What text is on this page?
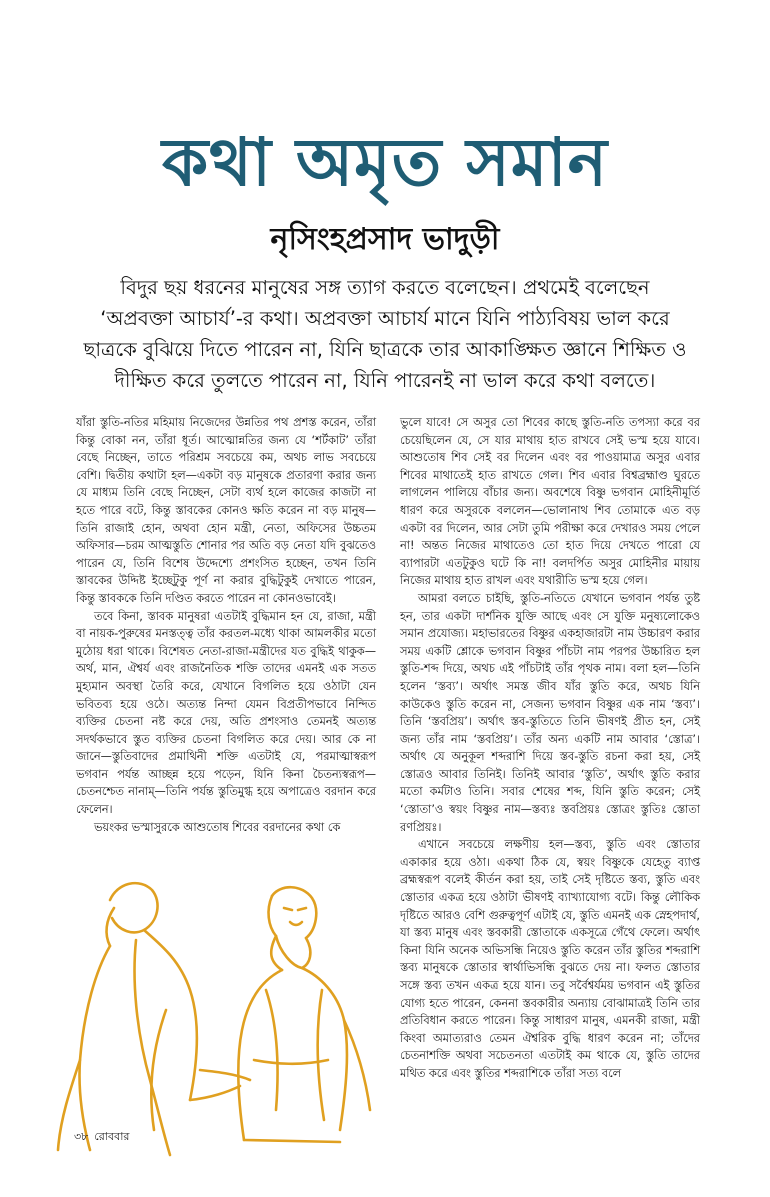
কথা অমৃত সমান
নৃসিংহপ্রসাদ ভাদুড়ী

বিদুর ছয় ধরনের মানুষের সঙ্গ ত্যাগ করতে বলেছেন। প্রথমেই বলেছেন

‘অপ্রবক্তা আচার্য’-র কথা। অপ্রবক্তা আচার্য মানে যিনি পাঠ্যবিষয় ভাল করে

ছাত্রকে বুঝিয়ে দিতে পারেন না, যিনি ছাত্রকে তার আকাঙ্ক্ষিত জ্ঞানে শিক্ষিত ও

দীক্ষিত করে তুলতে পারেন না, যিনি পারেনই না ভাল করে কথা বলতে।

যাঁরা স্তুতি-নতির মহিমায় নিজেদের উন্নতির পথ প্রশস্ত করেন, তাঁরা কিন্তু বোকা নন, তাঁরা ধূর্ত। আত্মোন্নতির জন্য যে ‘শর্টকাট’ তাঁরা বেছে নিচ্ছেন, তাতে পরিশ্রম সবচেয়ে কম, অথচ লাভ সবচেয়ে বেশি। দ্বিতীয় কথাটা হল—একটা বড় মানুষকে প্রতারণা করার জন্য যে মাধ্যম তিনি বেছে নিচ্ছেন, সেটা ব্যর্থ হলে কাজের কাজটা না হতে পারে বটে, কিন্তু স্তাবকের কোনও ক্ষতি করেন না বড় মানুষ—তিনি রাজাই হোন, অথবা হোন মন্ত্রী, নেতা, অফিসের উচ্চতম অফিসার—চরম আত্মস্তুতি শোনার পর অতি বড় নেতা যদি বুঝতেও পারেন যে, তিনি বিশেষ উদ্দেশ্যে প্রশংসিত হচ্ছেন, তখন তিনি স্তাবকের উদ্দিষ্ট ইচ্ছেটুকু পূর্ণ না করার বুদ্ধিটুকুই দেখাতে পারেন, কিন্তু স্তাবককে তিনি দণ্ডিত করতে পারেন না কোনওভাবেই।

তবে কিনা, স্তাবক মানুষরা এতটাই বুদ্ধিমান হন যে, রাজা, মন্ত্রী বা নায়ক-পুরুষের মনস্তত্ত্ব তাঁর করতল-মধ্যে থাকা আমলকীর মতো মুঠোয় ধরা থাকে। বিশেষত নেতা-রাজা-মন্ত্রীদের যত বুদ্ধিই থাকুক—অর্থ, মান, ঐশ্বর্য এবং রাজনৈতিক শক্তি তাদের এমনই এক সতত মুহ্যমান অবস্থা তৈরি করে, যেখানে বিগলিত হয়ে ওঠাটা যেন ভবিতব্য হয়ে ওঠে। অত্যন্ত নিন্দা যেমন বিপ্রতীপভাবে নিন্দিত ব্যক্তির চেতনা নষ্ট করে দেয়, অতি প্রশংসাও তেমনই অত্যন্ত সদর্থকভাবে স্তুত ব্যক্তির চেতনা বিগলিত করে দেয়। আর কে না জানে—স্তুতিবাদের প্রমাথিনী শক্তি এতটাই যে, পরমাত্মাস্বরূপ ভগবান পর্যন্ত আচ্ছন্ন হয়ে পড়েন, যিনি কিনা চৈতন্যস্বরূপ—চেতনশ্চেত নানাম্—তিনি পর্যন্ত স্তুতিমুগ্ধ হয়ে অপাত্রেও বরদান করে ফেলেন।

ভয়ংকর ভস্মাসুরকে আশুতোষ শিবের বরদানের কথা কে

ভুলে যাবে! সে অসুর তো শিবের কাছে স্তুতি-নতি তপস্যা করে বর চেয়েছিলেন যে, সে যার মাথায় হাত রাখবে সেই ভস্ম হয়ে যাবে। আশুতোষ শিব সেই বর দিলেন এবং বর পাওয়ামাত্র অসুর এবার শিবের মাথাতেই হাত রাখতে গেল। শিব এবার বিশ্বব্রহ্মাণ্ড ঘুরতে লাগলেন পালিয়ে বাঁচার জন্য। অবশেষে বিষ্ণু ভগবান মোহিনীমূর্তি ধারণ করে অসুরকে বললেন—ভোলানাথ শিব তোমাকে এত বড় একটা বর দিলেন, আর সেটা তুমি পরীক্ষা করে দেখারও সময় পেলে না! অন্তত নিজের মাথাতেও তো হাত দিয়ে দেখতে পারো যে ব্যাপারটা এতটুকুও ঘটে কি না! বলদর্পিত অসুর মোহিনীর মায়ায় নিজের মাথায় হাত রাখল এবং যথারীতি ভস্ম হয়ে গেল।

আমরা বলতে চাইছি, স্তুতি-নতিতে যেখানে ভগবান পর্যন্ত তুষ্ট হন, তার একটা দার্শনিক যুক্তি আছে এবং সে যুক্তি মনুষ্যলোকেও সমান প্রযোজ্য। মহাভারতের বিষ্ণুর একহাজারটা নাম উচ্চারণ করার সময় একটি শ্লোকে ভগবান বিষ্ণুর পাঁচটা নাম পরপর উচ্চারিত হল স্তুতি-শব্দ দিয়ে, অথচ এই পাঁচটাই তাঁর পৃথক নাম। বলা হল—তিনি হলেন ‘স্তব্য’। অর্থাৎ সমস্ত জীব যাঁর স্তুতি করে, অথচ যিনি কাউকেও স্তুতি করেন না, সেজন্য ভগবান বিষ্ণুর এক নাম ‘স্তব্য’। তিনি ‘স্তবপ্রিয়’। অর্থাৎ স্তব-স্তুতিতে তিনি ভীষণই প্রীত হন, সেই জন্য তাঁর নাম ‘স্তবপ্রিয়’। তাঁর অন্য একটি নাম আবার ‘স্তোত্র’। অর্থাৎ যে অনুকূল শব্দরাশি দিয়ে স্তব-স্তুতি রচনা করা হয়, সেই স্তোত্রও আবার তিনিই। তিনিই আবার ‘স্তুতি’, অর্থাৎ স্তুতি করার মতো কর্মটাও তিনি। সবার শেষের শব্দ, যিনি স্তুতি করেন; সেই ‘স্তোতা’ও স্বয়ং বিষ্ণুর নাম—স্তব্যঃ স্তবপ্রিয়ঃ স্তোত্রং স্তুতিঃ স্তোতা রণপ্রিয়ঃ।

এখানে সবচেয়ে লক্ষণীয় হল—স্তব্য, স্তুতি এবং স্তোতার একাকার হয়ে ওঠা। একথা ঠিক যে, স্বয়ং বিষ্ণুকে যেহেতু ব্যাপ্ত ব্রহ্মস্বরূপ বলেই কীর্তন করা হয়, তাই সেই দৃষ্টিতে স্তব্য, স্তুতি এবং স্তোতার একত্র হয়ে ওঠাটা ভীষণই ব্যাখ্যাযোগ্য বটে। কিন্তু লৌকিক দৃষ্টিতে আরও বেশি গুরুত্বপূর্ণ এটাই যে, স্তুতি এমনই এক স্নেহপদার্থ, যা স্তব্য মানুষ এবং স্তবকারী স্তোতাকে একসূত্রে গেঁথে ফেলে। অর্থাৎ কিনা যিনি অনেক অভিসন্ধি নিয়েও স্তুতি করেন তাঁর স্তুতির শব্দরাশি স্তব্য মানুষকে স্তোতার স্বার্থাভিসন্ধি বুঝতে দেয় না। ফলত স্তোতার সঙ্গে স্তব্য তখন একত্র হয়ে যান। তবু সর্বৈশ্বর্যময় ভগবান এই স্তুতির যোগ্য হতে পারেন, কেননা স্তবকারীর অন্যায় বোঝামাত্রই তিনি তার প্রতিবিধান করতে পারেন। কিন্তু সাধারণ মানুষ, এমনকী রাজা, মন্ত্রী কিংবা অমাত্যরাও তেমন ঐশ্বরিক বুদ্ধি ধারণ করেন না; তাঁদের চেতনাশক্তি অথবা সচেতনতা এতটাই কম থাকে যে, স্তুতি তাদের মথিত করে এবং স্তুতির শব্দরাশিকে তাঁরা সত্য বলে

৩৮ রোববার
